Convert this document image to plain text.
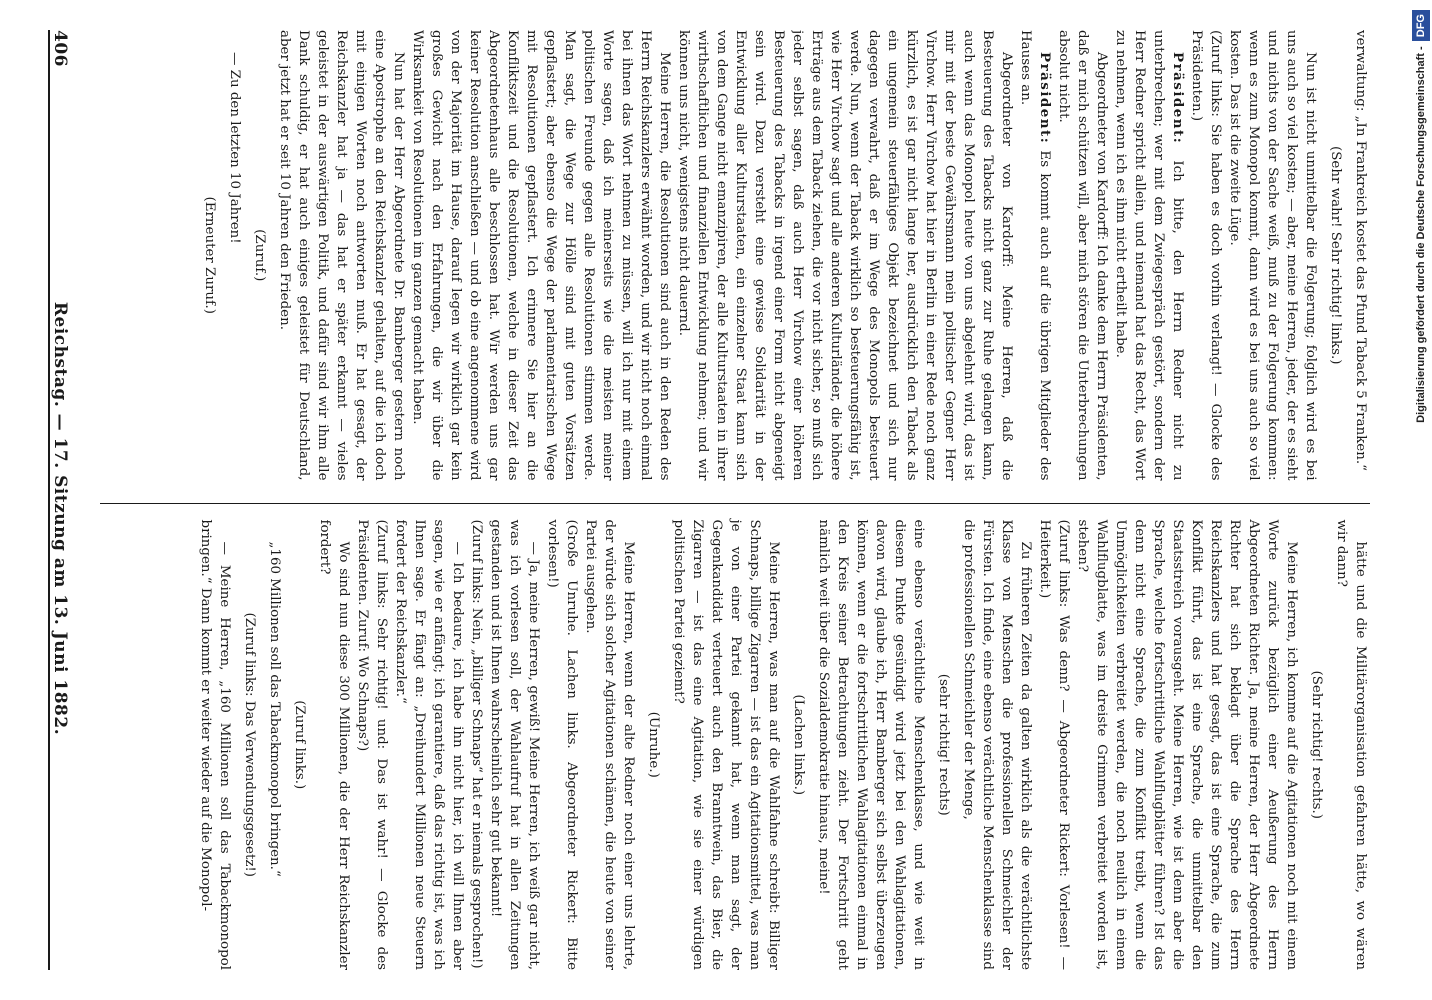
406
Reichstag. — 17. Sitzung am 13. Juni 1882.

hätte und die Militärorganisation gefahren hätte, wo wären wir dann?

(Sehr richtig! rechts.)

Meine Herren, ich komme auf die Agitationen noch mit einem Worte zurück bezüglich einer Aeußerung des Herrn Abgeordneten Richter. Ja, meine Herren, der Herr Abgeordnete Richter hat sich beklagt über die Sprache des Herrn Reichskanzlers und hat gesagt, das ist eine Sprache, die zum Konflikt führt, das ist eine Sprache, die unmittelbar den Staatsstreich vorausgeht. Meine Herren, wie ist denn aber die Sprache, welche fortschrittliche Wahlflugblätter führen? Ist das denn nicht eine Sprache, die zum Konflikt treibt, wenn die Unmöglichkeiten verbreitet werden, die noch neulich in einem Wahlflugblatte, was im dreiste Grimmen verbreitet worden ist, stehen?

(Zuruf links: Was denn? — Abgeordneter Rickert: Vorlesen! — Heiterkeit.)

Zu früheren Zeiten da galten wirklich als die verächtlichste Klasse von Menschen die professionellen Schmeichler der Fürsten. Ich finde, eine ebenso verächtliche Menschenklasse sind die professionellen Schmeichler der Menge,

(sehr richtig! rechts)

eine ebenso verächtliche Menschenklasse, und wie weit in diesem Punkte gesündigt wird jetzt bei den Wahlagitationen, davon wird, glaube ich, Herr Bamberger sich selbst überzeugen können, wenn er die fortschrittlichen Wahlagitationen einmal in den Kreis seiner Betrachtungen zieht. Der Fortschritt geht nämlich weit über die Sozialdemokratie hinaus, meine!

(Lachen links.)

Meine Herren, was man auf die Wahlfahne schreibt: Billiger Schnaps, billige Zigarren — ist das ein Agitationsmittel, was man je von einer Partei gekannt hat, wenn man sagt, der Gegenkandidat verteuert auch den Branntwein, das Bier, die Zigarren — ist das eine Agitation, wie sie einer würdigen politischen Partei geziemt?

(Unruhe.)

Meine Herren, wenn der alte Redner noch einer uns lehrte, der würde sich solcher Agitationen schämen, die heute von seiner Partei ausgehen.

(Große Unruhe. Lachen links. Abgeordneter Rickert: Bitte vorlesen!)

— Ja, meine Herren, gewiß! Meine Herren, ich weiß gar nicht, was ich vorlesen soll, der Wahlaufruf hat in allen Zeitungen gestanden und ist Ihnen wahrscheinlich sehr gut bekannt!

(Zuruf links: Nein, „billiger Schnaps“ hat er niemals gesprochen!)

— Ich bedaure, ich habe ihn nicht hier, ich will Ihnen aber sagen, wie er anfängt; ich garantiere, daß das richtig ist, was ich Ihnen sage. Er fängt an: „Dreihundert Millionen neue Steuern fordert der Reichskanzler.“

(Zuruf links: Sehr richtig! und: Das ist wahr! — Glocke des Präsidenten. Zuruf: Wo Schnaps?)

Wo sind nun diese 300 Millionen, die der Herr Reichskanzler fordert?

(Zuruf links.)

„160 Millionen soll das Tabackmonopol bringen.“

(Zuruf links: Das Verwendungsgesetz!)

— Meine Herren, „160 Millionen soll das Tabackmonopol bringen.“ Dann kommt er weiter wieder auf die Monopol-

verwaltung: „In Frankreich kostet das Pfund Taback 5 Franken.“

(Sehr wahr! Sehr richtig! links.)

Nun ist nicht unmittelbar die Folgerung; folglich wird es bei uns auch so viel kosten; — aber, meine Herren, jeder, der es sieht und nichts von der Sache weiß, muß zu der Folgerung kommen: wenn es zum Monopol kommt, dann wird es bei uns auch so viel kosten. Das ist die zweite Lüge.

(Zuruf links: Sie haben es doch vorhin verlangt! — Glocke des Präsidenten.)

Präsident: Ich bitte, den Herrn Redner nicht zu unterbrechen; wer mit dem Zwiegespräch gestört, sondern der Herr Redner spricht allein, und niemand hat das Recht, das Wort zu nehmen, wenn ich es ihm nicht ertheilt habe.

Abgeordneter von Kardorff: Ich danke dem Herrn Präsidenten, daß er mich schützen will, aber mich stören die Unterbrechungen absolut nicht.

Präsident: Es kommt auch auf die übrigen Mitglieder des Hauses an.

Abgeordneter von Kardorff: Meine Herren, daß die Besteuerung des Tabacks nicht ganz zur Ruhe gelangen kann, auch wenn das Monopol heute von uns abgelehnt wird, das ist mir mit der beste Gewährsmann mein politischer Gegner Herr Virchow. Herr Virchow hat hier in Berlin in einer Rede noch ganz kürzlich, es ist gar nicht lange her, ausdrücklich den Taback als ein ungemein steuerfähiges Objekt bezeichnet und sich nur dagegen verwahrt, daß er im Wege des Monopols besteuert werde. Nun, wenn der Taback wirklich so besteuerungsfähig ist, wie Herr Virchow sagt und alle anderen Kulturländer, die höhere Erträge aus dem Taback ziehen, die vor nicht sicher, so muß sich jeder selbst sagen, daß auch Herr Virchow einer höheren Besteuerung des Tabacks in irgend einer Form nicht abgeneigt sein wird. Dazu versteht eine gewisse Solidarität in der Entwicklung aller Kulturstaaten, ein einzelner Staat kann sich von dem Gange nicht emanzipiren, der alle Kulturstaaten in ihrer wirthschaftlichen und finanziellen Entwicklung nehmen; und wir können uns nicht, wenigstens nicht dauernd.

Meine Herren, die Resolutionen sind auch in den Reden des Herrn Reichskanzlers erwähnt worden, und wir nicht noch einmal bei ihnen das Wort nehmen zu müssen, will ich nur mit einem Worte sagen, daß ich meinerseits wie die meisten meiner politischen Freunde gegen alle Resolutionen stimmen werde. Man sagt, die Wege zur Hölle sind mit guten Vorsätzen gepflastert; aber ebenso die Wege der parlamentarischen Wege mit Resolutionen gepflastert. Ich erinnere Sie hier an die Konfliktszeit und die Resolutionen, welche in dieser Zeit das Abgeordnetenhaus alle beschlossen hat. Wir werden uns gar keiner Resolution anschließen — und ob eine angenommene wird von der Majorität im Hause, darauf legen wir wirklich gar kein großes Gewicht nach den Erfahrungen, die wir über die Wirksamkeit von Resolutionen im ganzen gemacht haben.

Nun hat der Herr Abgeordnete Dr. Bamberger gestern noch eine Apostrophe an den Reichskanzler gehalten, auf die ich doch mit einigen Worten noch antworten muß. Er hat gesagt, der Reichskanzler hat ja — das hat er später erkannt — vieles geleistet in der auswärtigen Politik, und dafür sind wir ihm alle Dank schuldig, er hat auch einiges geleistet für Deutschland, aber jetzt hat er seit 10 Jahren den Frieden.

(Zuruf.)

— Zu den letzten 10 Jahren!

(Erneuter Zuruf.)	Digitalisierung gefördert durch die Deutsche Forschungsgemeinschaft - DFG
